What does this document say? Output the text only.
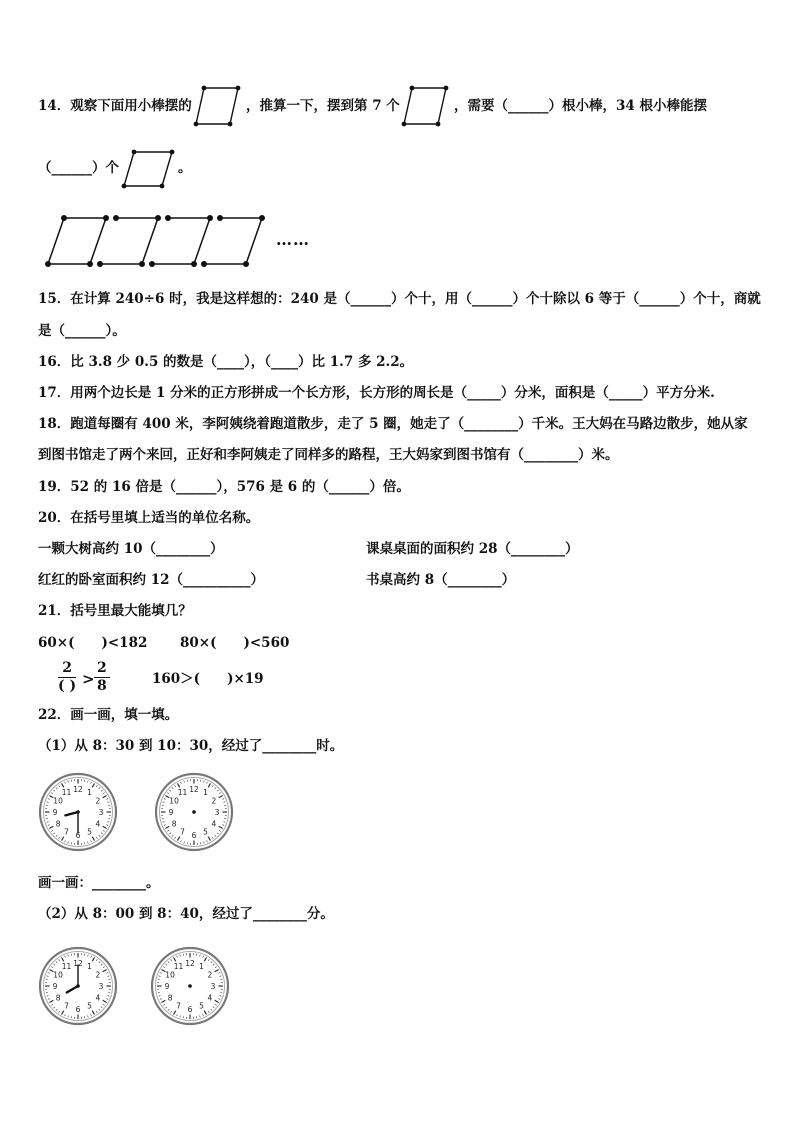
14．观察下面用小棒摆的	，推算一下，摆到第 7 个	，需要（______）根小棒，34 根小棒能摆
（______）个	。
……
15．在计算 240÷6 时，我是这样想的：240 是（______）个十，用（______）个十除以 6 等于（______）个十，商就
是（______）。
16．比 3.8 少 0.5 的数是（____），（____）比 1.7 多 2.2。
17．用两个边长是 1 分米的正方形拼成一个长方形，长方形的周长是（_____）分米，面积是（_____）平方分米.
18．跑道每圈有 400 米，李阿姨绕着跑道散步，走了 5 圈，她走了（________）千米。王大妈在马路边散步，她从家
到图书馆走了两个来回，正好和李阿姨走了同样多的路程，王大妈家到图书馆有（________）米。
19．52 的 16 倍是（______），576 是 6 的（______）倍。
20．在括号里填上适当的单位名称。
一颗大树高约 10（________）	课桌桌面的面积约 28（________）
红红的卧室面积约 12（__________）	书桌高约 8（________）
21．括号里最大能填几？
60×(　　)<182 80×(　　)<560
2
( ) > $\frac{2}{8}$	160＞(　　)×19
22．画一画，填一填。
（1）从 8：30 到 10：30，经过了________时。
12 1
2
3
4
5
6
7
8
9
10
11	12 1
2
3
4
5
6
7
8
9
10
11
画一画：________。
（2）从 8：00 到 8：40，经过了________分。
12 1
2
3
4
5
6
7
8
9
10
11	12 1
2
3
4
5
6
7
8
9
10
11
